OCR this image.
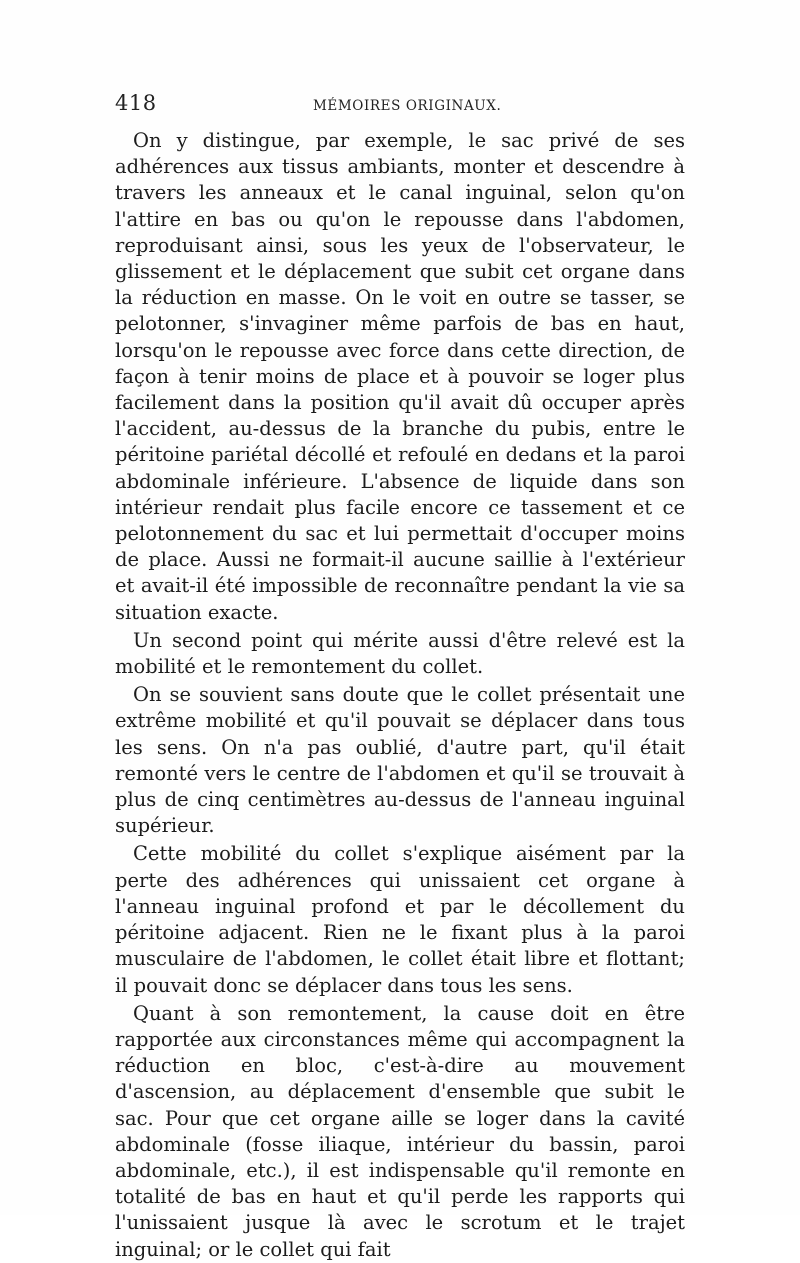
418	MÉMOIRES ORIGINAUX.

On y distingue, par exemple, le sac privé de ses adhérences aux tissus ambiants, monter et descendre à travers les anneaux et le canal inguinal, selon qu'on l'attire en bas ou qu'on le repousse dans l'abdomen, reproduisant ainsi, sous les yeux de l'observateur, le glissement et le déplacement que subit cet organe dans la réduction en masse. On le voit en outre se tasser, se pelotonner, s'invaginer même parfois de bas en haut, lorsqu'on le repousse avec force dans cette direction, de façon à tenir moins de place et à pouvoir se loger plus facilement dans la position qu'il avait dû occuper après l'accident, au-dessus de la branche du pubis, entre le péritoine pariétal décollé et refoulé en dedans et la paroi abdominale inférieure. L'absence de liquide dans son intérieur rendait plus facile encore ce tassement et ce pelotonnement du sac et lui permettait d'occuper moins de place. Aussi ne formait-il aucune saillie à l'extérieur et avait-il été impossible de reconnaître pendant la vie sa situation exacte.

Un second point qui mérite aussi d'être relevé est la mobilité et le remontement du collet.

On se souvient sans doute que le collet présentait une extrême mobilité et qu'il pouvait se déplacer dans tous les sens. On n'a pas oublié, d'autre part, qu'il était remonté vers le centre de l'abdomen et qu'il se trouvait à plus de cinq centimètres au-dessus de l'anneau inguinal supérieur.

Cette mobilité du collet s'explique aisément par la perte des adhérences qui unissaient cet organe à l'anneau inguinal profond et par le décollement du péritoine adjacent. Rien ne le fixant plus à la paroi musculaire de l'abdomen, le collet était libre et flottant; il pouvait donc se déplacer dans tous les sens.

Quant à son remontement, la cause doit en être rapportée aux circonstances même qui accompagnent la réduction en bloc, c'est-à-dire au mouvement d'ascension, au déplacement d'ensemble que subit le sac. Pour que cet organe aille se loger dans la cavité abdominale (fosse iliaque, intérieur du bassin, paroi abdominale, etc.), il est indispensable qu'il remonte en totalité de bas en haut et qu'il perde les rapports qui l'unissaient jusque là avec le scrotum et le trajet inguinal; or le collet qui fait
